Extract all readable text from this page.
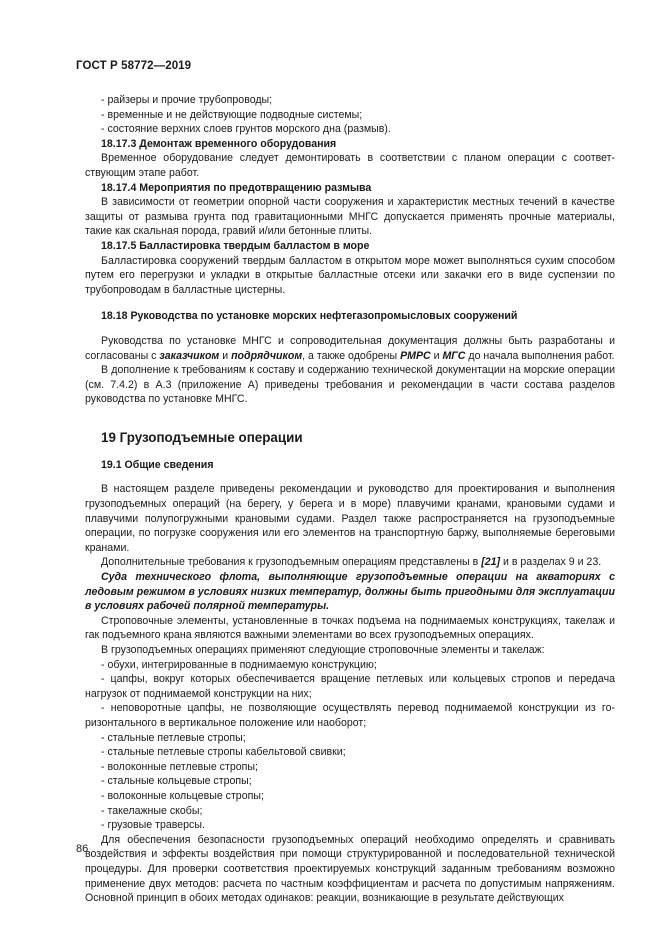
ГОСТ Р 58772—2019

- райзеры и прочие трубопроводы;

- временные и не действующие подводные системы;

- состояние верхних слоев грунтов морского дна (размыв).

18.17.3 Демонтаж временного оборудования

Временное оборудование следует демонтировать в соответствии с планом операции с соответствующим этапе работ.

18.17.4 Мероприятия по предотвращению размыва

В зависимости от геометрии опорной части сооружения и характеристик местных течений в качестве защиты от размыва грунта под гравитационными МНГС допускается применять прочные материалы, такие как скальная порода, гравий и/или бетонные плиты.

18.17.5 Балластировка твердым балластом в море

Балластировка сооружений твердым балластом в открытом море может выполняться сухим способом путем его перегрузки и укладки в открытые балластные отсеки или закачки его в виде суспензии по трубопроводам в балластные цистерны.

18.18 Руководства по установке морских нефтегазопромысловых сооружений

Руководства по установке МНГС и сопроводительная документация должны быть разработаны и согласованы с заказчиком и подрядчиком, а также одобрены РМРС и МГС до начала выполнения работ.

В дополнение к требованиям к составу и содержанию технической документации на морские операции (см. 7.4.2) в А.3 (приложение А) приведены требования и рекомендации в части состава разделов руководства по установке МНГС.

19 Грузоподъемные операции

19.1 Общие сведения

В настоящем разделе приведены рекомендации и руководство для проектирования и выполнения грузоподъемных операций (на берегу, у берега и в море) плавучими кранами, крановыми судами и плавучими полупогружными крановыми судами. Раздел также распространяется на грузоподъемные операции, по погрузке сооружения или его элементов на транспортную баржу, выполняемые береговыми кранами.

Дополнительные требования к грузоподъемным операциям представлены в [21] и в разделах 9 и 23.

Суда технического флота, выполняющие грузоподъемные операции на акваториях с ледовым режимом в условиях низких температур, должны быть пригодными для эксплуатации в условиях рабочей полярной температуры.

Строповочные элементы, установленные в точках подъема на поднимаемых конструкциях, такeлаж и гак подъемного крана являются важными элементами во всех грузоподъемных операциях.

В грузоподъемных операциях применяют следующие строповочные элементы и такелаж:

- обухи, интегрированные в поднимаемую конструкцию;

- цапфы, вокруг которых обеспечивается вращение петлевых или кольцевых стропов и передача нагрузок от поднимаемой конструкции на них;

- неповоротные цапфы, не позволяющие осуществлять перевод поднимаемой конструкции из горизонтального в вертикальное положение или наоборот;

- стальные петлевые стропы;

- стальные петлевые стропы кабельтовой свивки;

- волоконные петлевые стропы;

- стальные кольцевые стропы;

- волоконные кольцевые стропы;

- такелажные скобы;

- грузовые траверсы.

Для обеспечения безопасности грузоподъемных операций необходимо определять и сравнивать воздействия и эффекты воздействия при помощи структурированной и последовательной технической процедуры. Для проверки соответствия проектируемых конструкций заданным требованиям возможно применение двух методов: расчета по частным коэффициентам и расчета по допустимым напряжениям. Основной принцип в обоих методах одинаков: реакции, возникающие в результате действующих

86
